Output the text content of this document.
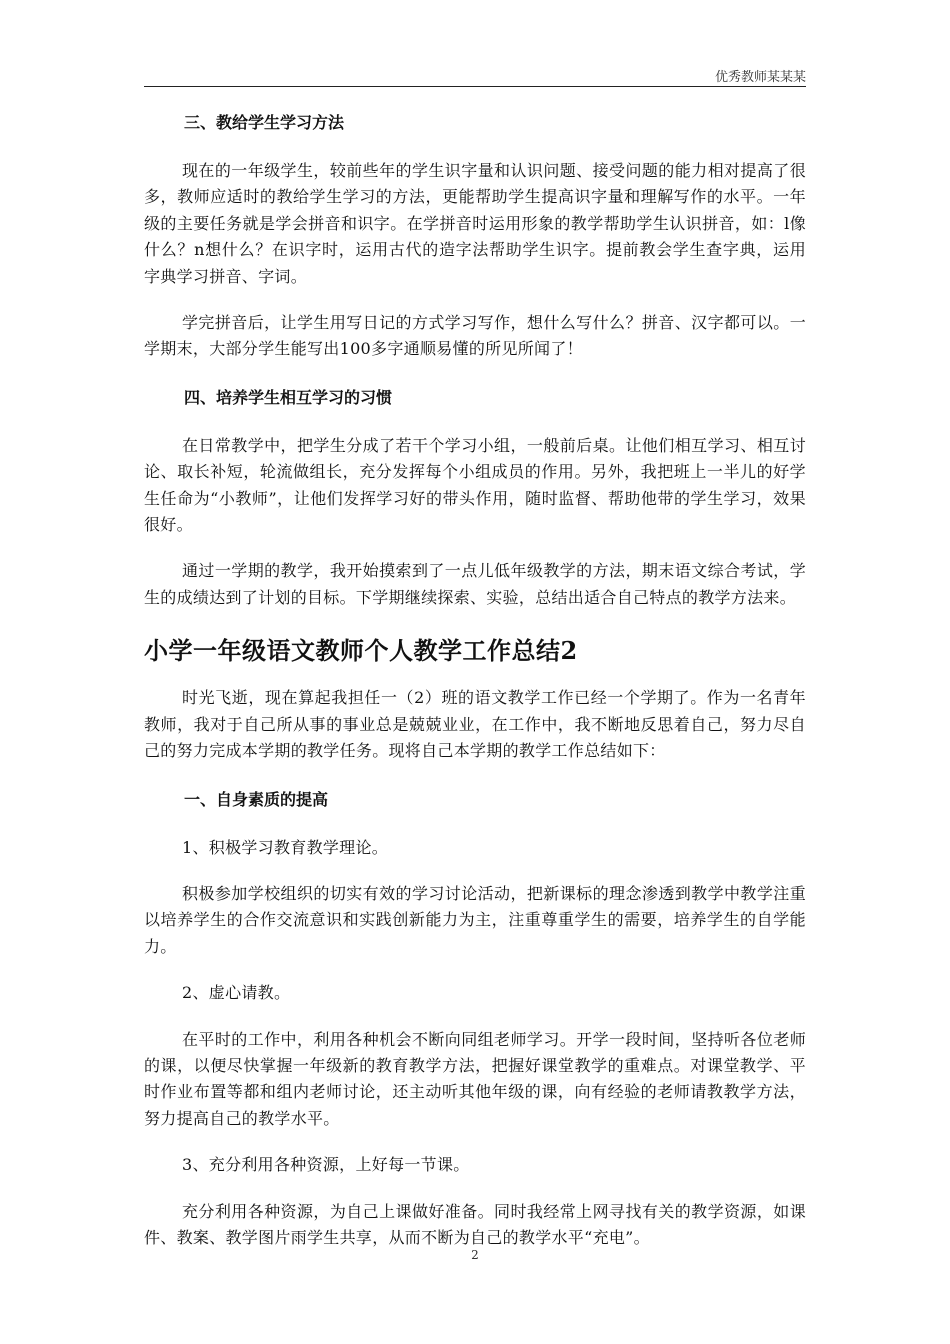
优秀教师某某某
三、教给学生学习方法
现在的一年级学生，较前些年的学生识字量和认识问题、接受问题的能力相对提高了很多，教师应适时的教给学生学习的方法，更能帮助学生提高识字量和理解写作的水平。一年级的主要任务就是学会拼音和识字。在学拼音时运用形象的教学帮助学生认识拼音，如：l像什么？n想什么？在识字时，运用古代的造字法帮助学生识字。提前教会学生查字典，运用字典学习拼音、字词。
学完拼音后，让学生用写日记的方式学习写作，想什么写什么？拼音、汉字都可以。一学期末，大部分学生能写出100多字通顺易懂的所见所闻了！
四、培养学生相互学习的习惯
在日常教学中，把学生分成了若干个学习小组，一般前后桌。让他们相互学习、相互讨论、取长补短，轮流做组长，充分发挥每个小组成员的作用。另外，我把班上一半儿的好学生任命为“小教师”，让他们发挥学习好的带头作用，随时监督、帮助他带的学生学习，效果很好。
通过一学期的教学，我开始摸索到了一点儿低年级教学的方法，期末语文综合考试，学生的成绩达到了计划的目标。下学期继续探索、实验，总结出适合自己特点的教学方法来。
小学一年级语文教师个人教学工作总结2
时光飞逝，现在算起我担任一（2）班的语文教学工作已经一个学期了。作为一名青年教师，我对于自己所从事的事业总是兢兢业业，在工作中，我不断地反思着自己，努力尽自己的努力完成本学期的教学任务。现将自己本学期的教学工作总结如下：
一、自身素质的提高
1、积极学习教育教学理论。
积极参加学校组织的切实有效的学习讨论活动，把新课标的理念渗透到教学中教学注重以培养学生的合作交流意识和实践创新能力为主，注重尊重学生的需要，培养学生的自学能力。
2、虚心请教。
在平时的工作中，利用各种机会不断向同组老师学习。开学一段时间，坚持听各位老师的课，以便尽快掌握一年级新的教育教学方法，把握好课堂教学的重难点。对课堂教学、平时作业布置等都和组内老师讨论，还主动听其他年级的课，向有经验的老师请教教学方法，努力提高自己的教学水平。
3、充分利用各种资源，上好每一节课。
充分利用各种资源，为自己上课做好准备。同时我经常上网寻找有关的教学资源，如课件、教案、教学图片雨学生共享，从而不断为自己的教学水平“充电”。
2
